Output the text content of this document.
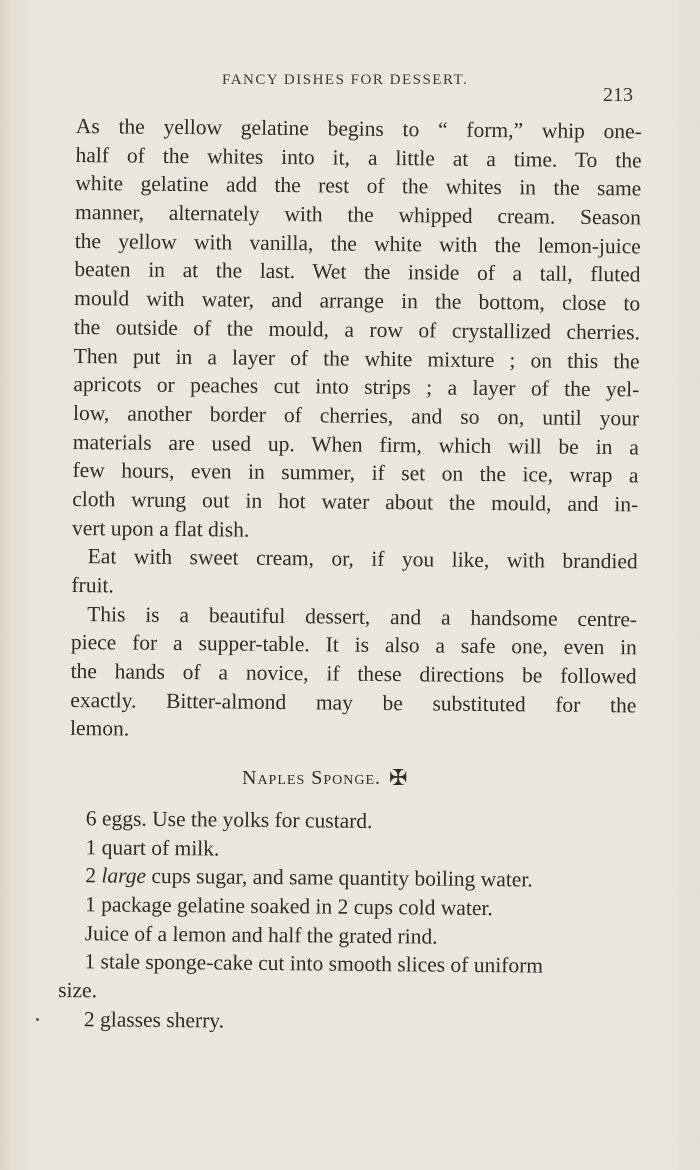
FANCY DISHES FOR DESSERT.
213
As the yellow gelatine begins to “ form,” whip one-
half of the whites into it, a little at a time. To the
white gelatine add the rest of the whites in the same
manner, alternately with the whipped cream. Season
the yellow with vanilla, the white with the lemon-juice
beaten in at the last. Wet the inside of a tall, fluted
mould with water, and arrange in the bottom, close to
the outside of the mould, a row of crystallized cherries.
Then put in a layer of the white mixture ; on this the
apricots or peaches cut into strips ; a layer of the yel-
low, another border of cherries, and so on, until your
materials are used up. When firm, which will be in a
few hours, even in summer, if set on the ice, wrap a
cloth wrung out in hot water about the mould, and in-
vert upon a flat dish.
Eat with sweet cream, or, if you like, with brandied
fruit.
This is a beautiful dessert, and a handsome centre-
piece for a supper-table. It is also a safe one, even in
the hands of a novice, if these directions be followed
exactly. Bitter-almond may be substituted for the
lemon.
Naples Sponge. ✠
6 eggs. Use the yolks for custard.
1 quart of milk.
2 large cups sugar, and same quantity boiling water.
1 package gelatine soaked in 2 cups cold water.
Juice of a lemon and half the grated rind.
1 stale sponge-cake cut into smooth slices of uniform
size.
2 glasses sherry.
